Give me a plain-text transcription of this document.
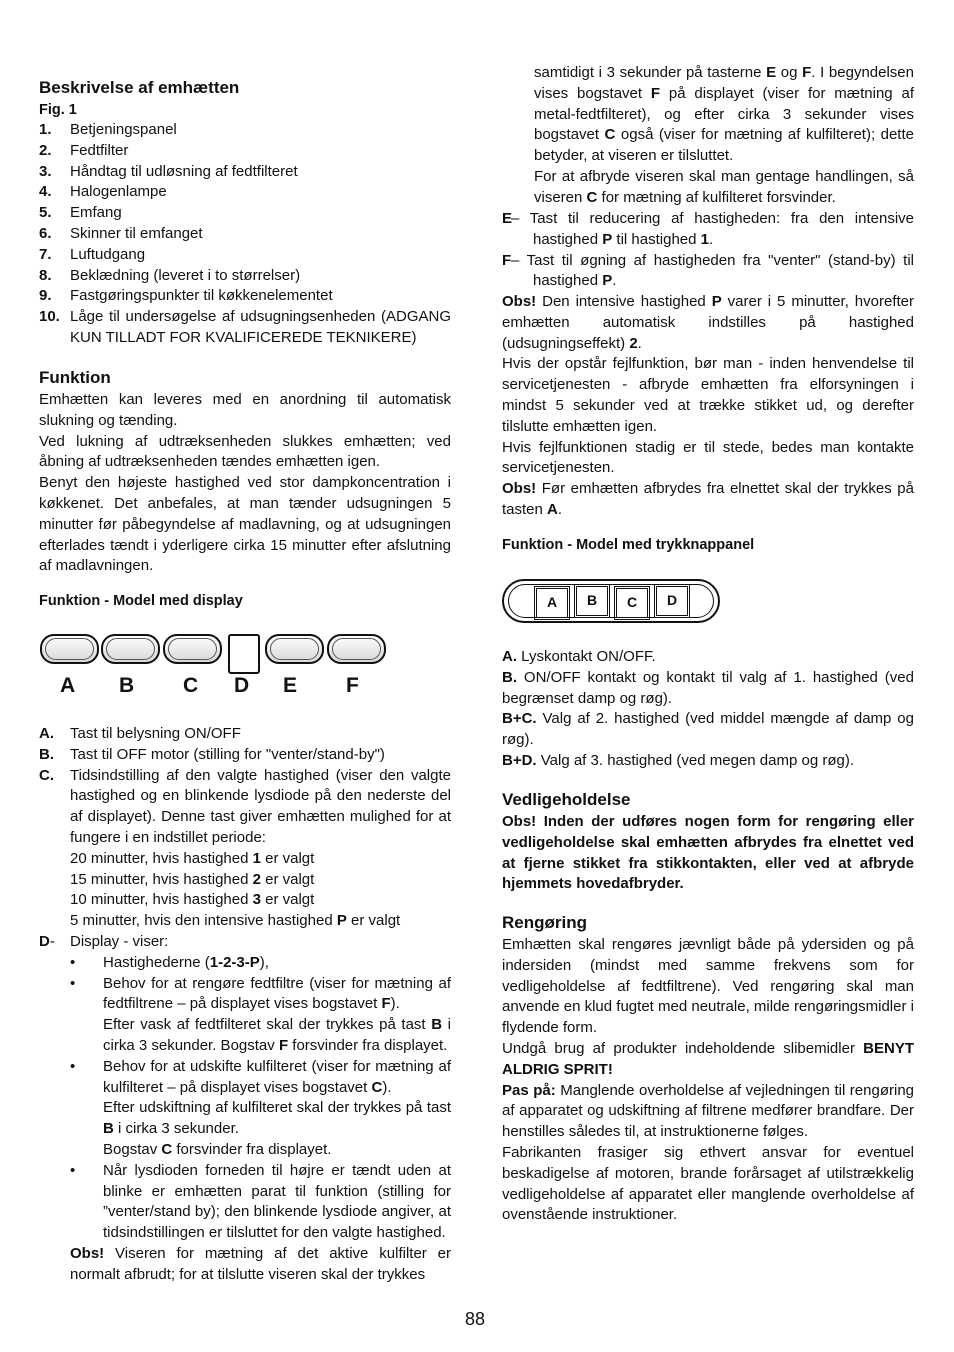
Beskrivelse af emhætten
Fig. 1
1. Betjeningspanel
2. Fedtfilter
3. Håndtag til udløsning af fedtfilteret
4. Halogenlampe
5. Emfang
6. Skinner til emfanget
7. Luftudgang
8. Beklædning (leveret i to størrelser)
9. Fastgøringspunkter til køkkenelementet
10. Låge til undersøgelse af udsugningsenheden (ADGANG KUN TILLADT FOR KVALIFICEREDE TEKNIKERE)
Funktion

Emhætten kan leveres med en anordning til automatisk slukning og tænding.

Ved lukning af udtræksenheden slukkes emhætten; ved åbning af udtræksenheden tændes emhætten igen.

Benyt den højeste hastighed ved stor dampkoncentration i køkkenet. Det anbefales, at man tænder udsugningen 5 minutter før påbegyndelse af madlavning, og at udsugningen efterlades tændt i yderligere cirka 15 minutter efter afslutning af madlavningen.

Funktion - Model med display
A B C D E F
A. Tast til belysning ON/OFF
B. Tast til OFF motor (stilling for "venter/stand-by")
C. Tidsindstilling af den valgte hastighed (viser den valgte hastighed og en blinkende lysdiode på den nederste del af displayet). Denne tast giver emhætten mulighed for at fungere i en indstillet periode:
20 minutter, hvis hastighed 1 er valgt
15 minutter, hvis hastighed 2 er valgt
10 minutter, hvis hastighed 3 er valgt
5 minutter, hvis den intensive hastighed P er valgt
D- Display - viser:
• Hastighederne (1-2-3-P),
• Behov for at rengøre fedtfiltre (viser for mætning af fedtfiltrene – på displayet vises bogstavet F).
Efter vask af fedtfilteret skal der trykkes på tast B i cirka 3 sekunder. Bogstav F forsvinder fra displayet.
• Behov for at udskifte kulfilteret (viser for mætning af kulfilteret – på displayet vises bogstavet C).
Efter udskiftning af kulfilteret skal der trykkes på tast B i cirka 3 sekunder.
Bogstav C forsvinder fra displayet.
• Når lysdioden forneden til højre er tændt uden at blinke er emhætten parat til funktion (stilling for ”venter/stand by); den blinkende lysdiode angiver, at tidsindstillingen er tilsluttet for den valgte hastighed.
Obs! Viseren for mætning af det aktive kulfilter er normalt afbrudt; for at tilslutte viseren skal der trykkes

samtidigt i 3 sekunder på tasterne E og F. I begyndelsen vises bogstavet F på displayet (viser for mætning af metal-fedtfilteret), og efter cirka 3 sekunder vises bogstavet C også (viser for mætning af kulfilteret); dette betyder, at viseren er tilsluttet.

For at afbryde viseren skal man gentage handlingen, så viseren C for mætning af kulfilteret forsvinder.

E
– Tast til reducering af hastigheden: fra den intensive hastighed P til hastighed 1.
F – Tast til øgning af hastigheden fra "venter" (stand-by) til hastighed P.

Obs! Den intensive hastighed P varer i 5 minutter, hvorefter emhætten automatisk indstilles på hastighed (udsugningseffekt) 2.

Hvis der opstår fejlfunktion, bør man - inden henvendelse til servicetjenesten - afbryde emhætten fra elforsyningen i mindst 5 sekunder ved at trække stikket ud, og derefter tilslutte emhætten igen.

Hvis fejlfunktionen stadig er til stede, bedes man kontakte servicetjenesten.

Obs! Før emhætten afbrydes fra elnettet skal der trykkes på tasten A.

Funktion - Model med trykknappanel
A	B	C	D

A. Lyskontakt ON/OFF.

B. ON/OFF kontakt og kontakt til valg af 1. hastighed (ved begrænset damp og røg).

B+C. Valg af 2. hastighed (ved middel mængde af damp og røg).

B+D. Valg af 3. hastighed (ved megen damp og røg).

Vedligeholdelse
Obs! Inden der udføres nogen form for rengøring eller vedligeholdelse skal emhætten afbrydes fra elnettet ved at fjerne stikket fra stikkontakten, eller ved at afbryde hjemmets hovedafbryder.
Rengøring

Emhætten skal rengøres jævnligt både på ydersiden og på indersiden (mindst med samme frekvens som for vedligeholdelse af fedtfiltrene). Ved rengøring skal man anvende en klud fugtet med neutrale, milde rengøringsmidler i flydende form.

Undgå brug af produkter indeholdende slibemidler BENYT ALDRIG SPRIT!

Pas på: Manglende overholdelse af vejledningen til rengøring af apparatet og udskiftning af filtrene medfører brandfare. Der henstilles således til, at instruktionerne følges.

Fabrikanten frasiger sig ethvert ansvar for eventuel beskadigelse af motoren, brande forårsaget af utilstrækkelig vedligeholdelse af apparatet eller manglende overholdelse af ovenstående instruktioner.

88
